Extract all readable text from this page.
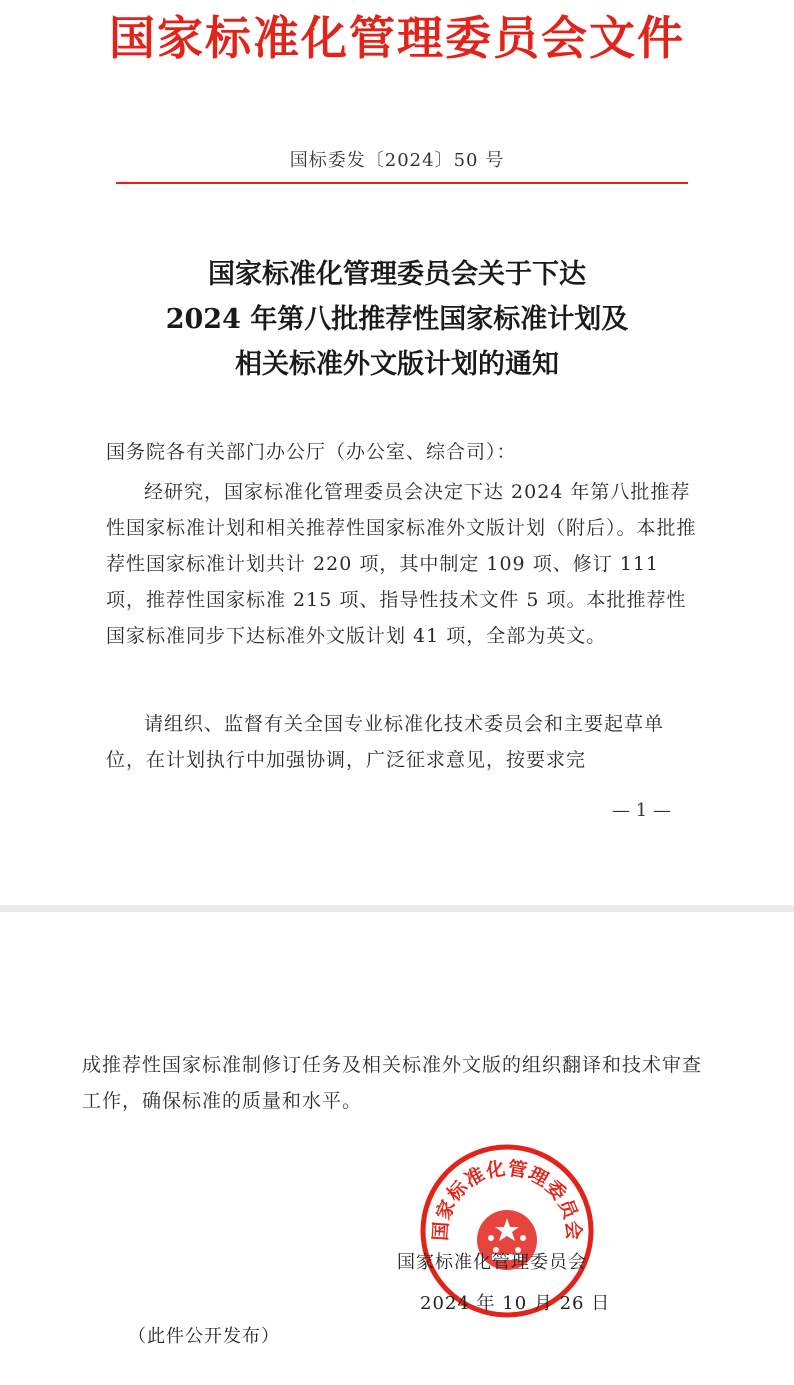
国家标准化管理委员会文件
国标委发〔2024〕50 号
国家标准化管理委员会关于下达
2024 年第八批推荐性国家标准计划及
相关标准外文版计划的通知
国务院各有关部门办公厅（办公室、综合司）：

经研究，国家标准化管理委员会决定下达 2024 年第八批推荐性国家标准计划和相关推荐性国家标准外文版计划（附后）。本批推荐性国家标准计划共计 220 项，其中制定 109 项、修订 111 项，推荐性国家标准 215 项、指导性技术文件 5 项。本批推荐性国家标准同步下达标准外文版计划 41 项，全部为英文。

请组织、监督有关全国专业标准化技术委员会和主要起草单位，在计划执行中加强协调，广泛征求意见，按要求完

— 1 —

成推荐性国家标准制修订任务及相关标准外文版的组织翻译和技术审查工作，确保标准的质量和水平。

国家标准化管理委员会
国家标准化管理委员会
2024 年 10 月 26 日
（此件公开发布）
